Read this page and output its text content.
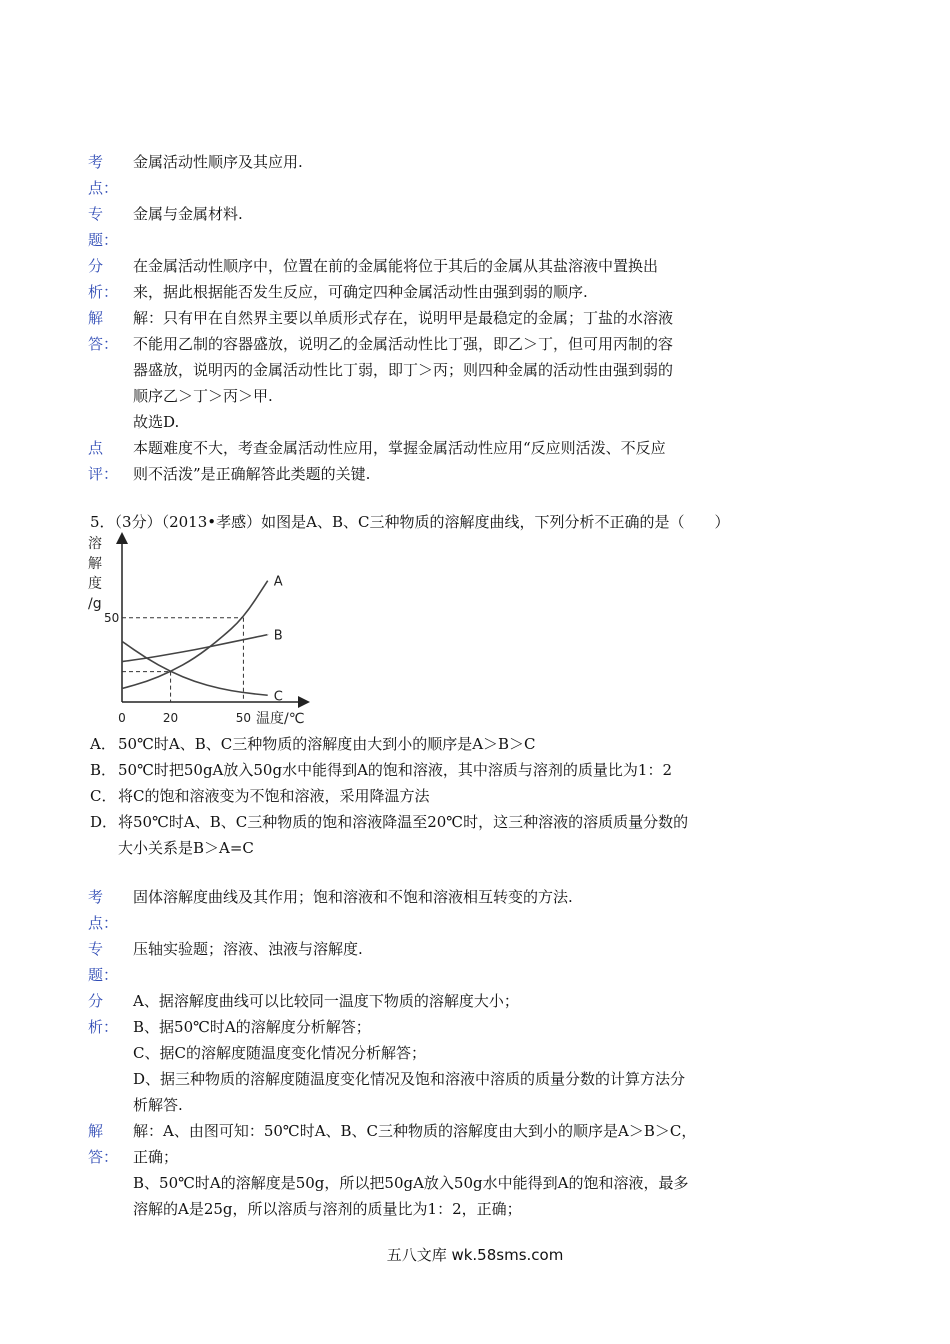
考	金属活动性顺序及其应用.
点：
专	金属与金属材料.
题：
分	在金属活动性顺序中，位置在前的金属能将位于其后的金属从其盐溶液中置换出
析： 来，据此根据能否发生反应，可确定四种金属活动性由强到弱的顺序.
解	解：只有甲在自然界主要以单质形式存在，说明甲是最稳定的金属；丁盐的水溶液
答： 不能用乙制的容器盛放，说明乙的金属活动性比丁强，即乙＞丁，但可用丙制的容
器盛放，说明丙的金属活动性比丁弱，即丁＞丙；则四种金属的活动性由强到弱的
顺序乙＞丁＞丙＞甲.
故选D.
点	本题难度不大，考查金属活动性应用，掌握金属活动性应用“反应则活泼、不反应
评： 则不活泼”是正确解答此类题的关键.
5．（3分）（2013•孝感）如图是A、B、C三种物质的溶解度曲线，下列分析不正确的是（　　）
A
B
C
0	20	50
50
溶
解
度
/g
温度/℃
A． 50℃时A、B、C三种物质的溶解度由大到小的顺序是A＞B＞C
B． 50℃时把50gA放入50g水中能得到A的饱和溶液，其中溶质与溶剂的质量比为1：2
C． 将C的饱和溶液变为不饱和溶液，采用降温方法
D． 将50℃时A、B、C三种物质的饱和溶液降温至20℃时，这三种溶液的溶质质量分数的
大小关系是B＞A=C
考	固体溶解度曲线及其作用；饱和溶液和不饱和溶液相互转变的方法.
点：
专	压轴实验题；溶液、浊液与溶解度.
题：
分	A、据溶解度曲线可以比较同一温度下物质的溶解度大小；
析： B、据50℃时A的溶解度分析解答；
C、据C的溶解度随温度变化情况分析解答；
D、据三种物质的溶解度随温度变化情况及饱和溶液中溶质的质量分数的计算方法分
析解答.
解	解：A、由图可知：50℃时A、B、C三种物质的溶解度由大到小的顺序是A＞B＞C，
答： 正确；
B、50℃时A的溶解度是50g，所以把50gA放入50g水中能得到A的饱和溶液，最多
溶解的A是25g，所以溶质与溶剂的质量比为1：2，正确；
五八文库 wk.58sms.com
